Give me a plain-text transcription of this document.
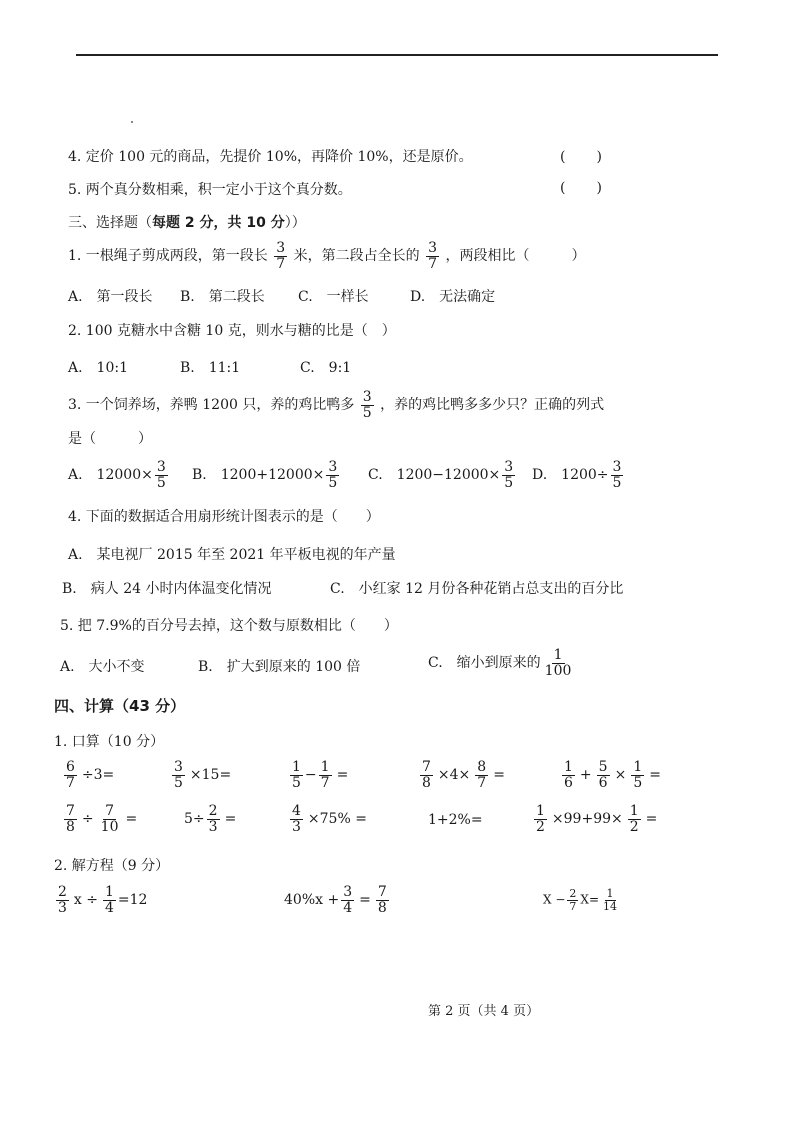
4. 定价 100 元的商品，先提价 10%，再降价 10%，还是原价。	(　　)
5. 两个真分数相乘，积一定小于这个真分数。	(　　)
三、选择题（每题 2 分，共 10 分））
1. 一根绳子剪成两段，第一段长 $\frac{3}{7}$ 米，第二段占全长的 $\frac{3}{7}$ ，两段相比（　　　）
A.　第一段长 B.　第二段长 C.　一样长	D.　无法确定
2. 100 克糖水中含糖 10 克，则水与糖的比是（　）
A.　10:1	B.　11:1	C.　9:1
3. 一个饲养场，养鸭 1200 只，养的鸡比鸭多 $\frac{3}{5}$ ，养的鸡比鸭多多少只？正确的列式
是（　　　）
A.　$12000\times \frac{3}{5} B$.　$1200+12000\times \frac{3}{5} C$.　$1200-12000\times \frac{3}{5} D$.　$1200\div \frac{3}{5}$
4. 下面的数据适合用扇形统计图表示的是（　　）
A.　某电视厂 2015 年至 2021 年平板电视的年产量
B.　病人 24 小时内体温变化情况	C.　小红家 12 月份各种花销占总支出的百分比
5. 把 7.9%的百分号去掉，这个数与原数相比（　　）
A.　大小不变	B.　扩大到原来的 100 倍	C.　缩小到原来的 $\frac{1}{100}$
四、计算（43 分）
1. 口算（10 分）
$\frac{6}{7} \div 3=$	$\frac{3}{5} \times 15=$	$\frac{1}{5} - \frac{1}{7}$ =	$\frac{7}{8} \times 4\times \frac{8}{7}$ =	$\frac{1}{6} + \frac{5}{6} \times \frac{1}{5}$ =
$\frac{7}{8} \div \frac{7}{10}$ =	$5\div \frac{2}{3}$ =	$\frac{4}{3} \times 75\%$ =	1+2%=	$\frac{1}{2} \times 99+99\times \frac{1}{2}$ =
2. 解方程（9 分）
$\frac{2}{3}$ $x \div \frac{1}{4} =12$	$40\%x + \frac{3}{4} = \frac{7}{8}$	$X - \frac{2}{7} X= \frac{1}{14}$
第 2 页（共 4 页）
